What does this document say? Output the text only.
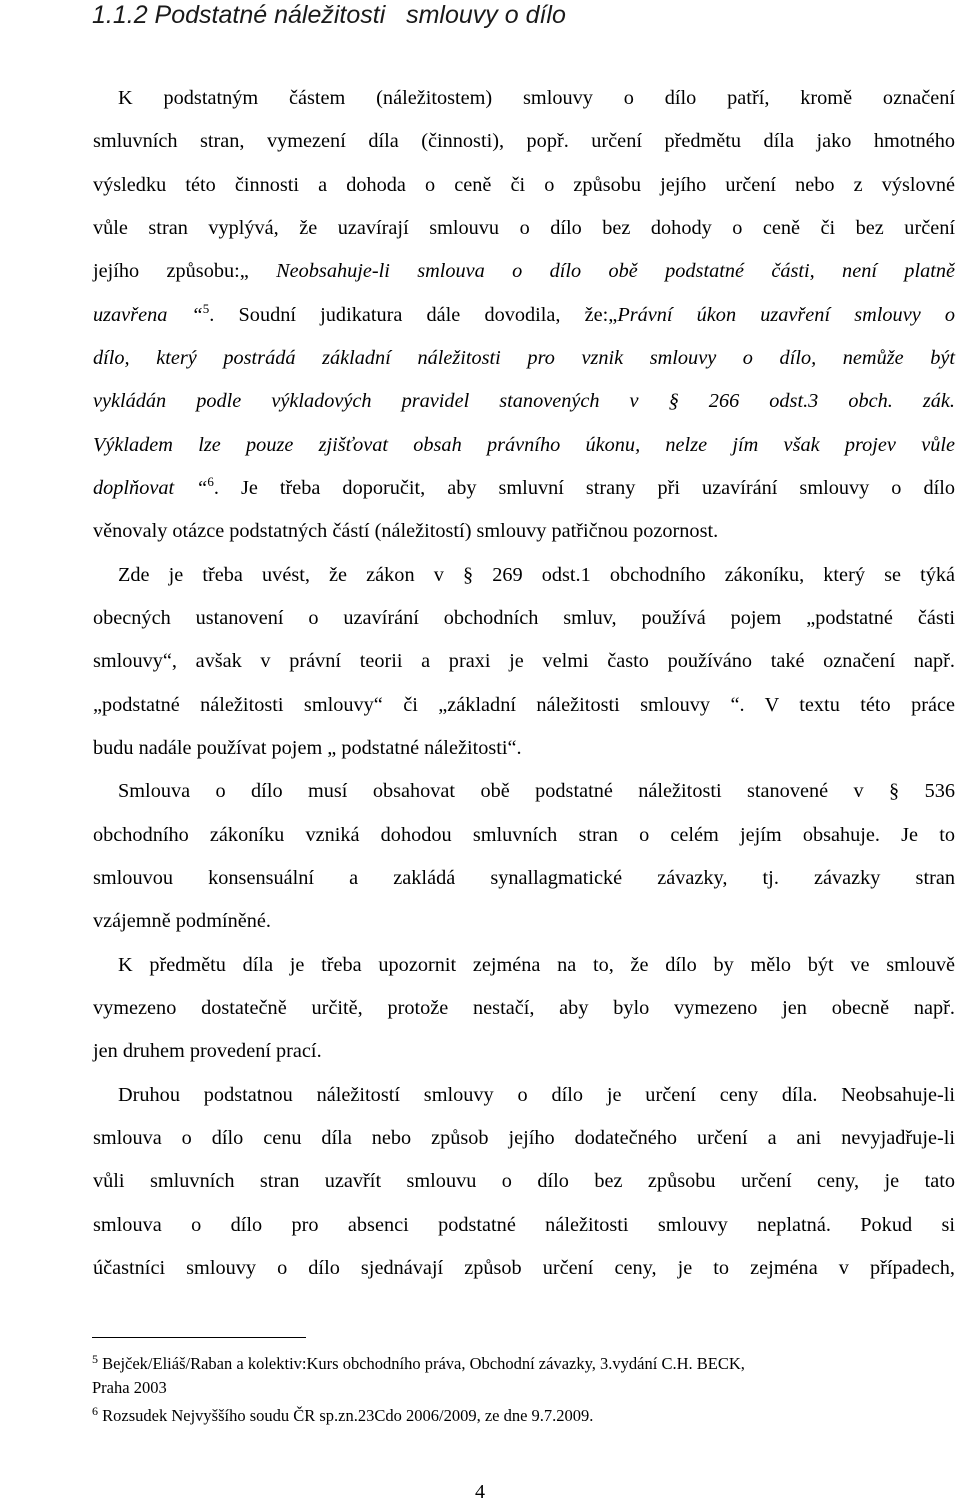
1.1.2 Podstatné náležitosti   smlouvy o dílo
K podstatným částem (náležitostem) smlouvy o dílo patří, kromě označení
smluvních stran, vymezení díla (činnosti), popř. určení předmětu díla jako hmotného
výsledku této činnosti a dohoda o ceně či o způsobu jejího určení nebo z výslovné
vůle stran vyplývá, že uzavírají smlouvu o dílo bez dohody o ceně či bez určení
jejího způsobu:„ Neobsahuje-li smlouva o dílo obě podstatné části, není platně
uzavřena “$^5$. Soudní judikatura dále dovodila, že:„Právní úkon uzavření smlouvy o
dílo, který postrádá základní náležitosti pro vznik smlouvy o dílo, nemůže být
vykládán podle výkladových pravidel stanovených v § 266 odst.3 obch. zák.
Výkladem lze pouze zjišťovat obsah právního úkonu, nelze jím však projev vůle
doplňovat “$^6$. Je třeba doporučit, aby smluvní strany při uzavírání smlouvy o dílo
věnovaly otázce podstatných částí (náležitostí) smlouvy patřičnou pozornost.
Zde je třeba uvést, že zákon v § 269 odst.1 obchodního zákoníku, který se týká
obecných ustanovení o uzavírání obchodních smluv, používá pojem „podstatné části
smlouvy“, avšak v právní teorii a praxi je velmi často používáno také označení např.
„podstatné náležitosti smlouvy“ či „základní náležitosti smlouvy “. V textu této práce
budu nadále používat pojem „ podstatné náležitosti“.
Smlouva o dílo musí obsahovat obě podstatné náležitosti stanovené v § 536
obchodního zákoníku vzniká dohodou smluvních stran o celém jejím obsahuje. Je to
smlouvou konsensuální a zakládá synallagmatické závazky, tj. závazky stran
vzájemně podmíněné.
K předmětu díla je třeba upozornit zejména na to, že dílo by mělo být ve smlouvě
vymezeno dostatečně určitě, protože nestačí, aby bylo vymezeno jen obecně např.
jen druhem provedení prací.
Druhou podstatnou náležitostí smlouvy o dílo je určení ceny díla. Neobsahuje-li
smlouva o dílo cenu díla nebo způsob jejího dodatečného určení a ani nevyjadřuje-li
vůli smluvních stran uzavřít smlouvu o dílo bez způsobu určení ceny, je tato
smlouva o dílo pro absenci podstatné náležitosti smlouvy neplatná. Pokud si
účastníci smlouvy o dílo sjednávají způsob určení ceny, je to zejména v případech,
$^5$ Bejček/Eliáš/Raban a kolektiv:Kurs obchodního práva, Obchodní závazky, 3.vydání C.H. BECK,
Praha 2003
$^6$ Rozsudek Nejvyššího soudu ČR sp.zn.23Cdo 2006/2009, ze dne 9.7.2009.
4
